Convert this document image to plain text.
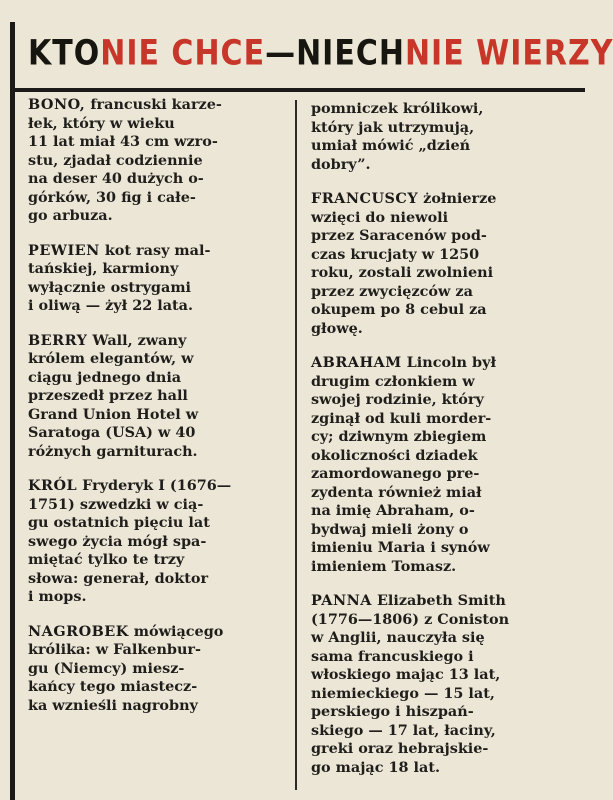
KTO NIE CHCE — NIECH NIE WIERZY
BONO, francuski karze-
łek, który w wieku
11 lat miał 43 cm wzro-
stu, zjadał codziennie
na deser 40 dużych o-
górków, 30 fig i całe-
go arbuza.
PEWIEN kot rasy mal-
tańskiej, karmiony
wyłącznie ostrygami
i oliwą — żył 22 lata.
BERRY Wall, zwany
królem elegantów, w
ciągu jednego dnia
przeszedł przez hall
Grand Union Hotel w
Saratoga (USA) w 40
różnych garniturach.
KRÓL Fryderyk I (1676—
1751) szwedzki w cią-
gu ostatnich pięciu lat
swego życia mógł spa-
miętać tylko te trzy
słowa: generał, doktor
i mops.
NAGROBEK mówiącego
królika: w Falkenbur-
gu (Niemcy) miesz-
kańcy tego miastecz-
ka wznieśli nagrobny
pomniczek królikowi,
który jak utrzymują,
umiał mówić „dzień
dobry”.
FRANCUSCY żołnierze
wzięci do niewoli
przez Saracenów pod-
czas krucjaty w 1250
roku, zostali zwolnieni
przez zwycięzców za
okupem po 8 cebul za
głowę.
ABRAHAM Lincoln był
drugim członkiem w
swojej rodzinie, który
zginął od kuli morder-
cy; dziwnym zbiegiem
okoliczności dziadek
zamordowanego pre-
zydenta również miał
na imię Abraham, o-
bydwaj mieli żony o
imieniu Maria i synów
imieniem Tomasz.
PANNA Elizabeth Smith
(1776—1806) z Coniston
w Anglii, nauczyła się
sama francuskiego i
włoskiego mając 13 lat,
niemieckiego — 15 lat,
perskiego i hiszpań-
skiego — 17 lat, łaciny,
greki oraz hebrajskie-
go mając 18 lat.
